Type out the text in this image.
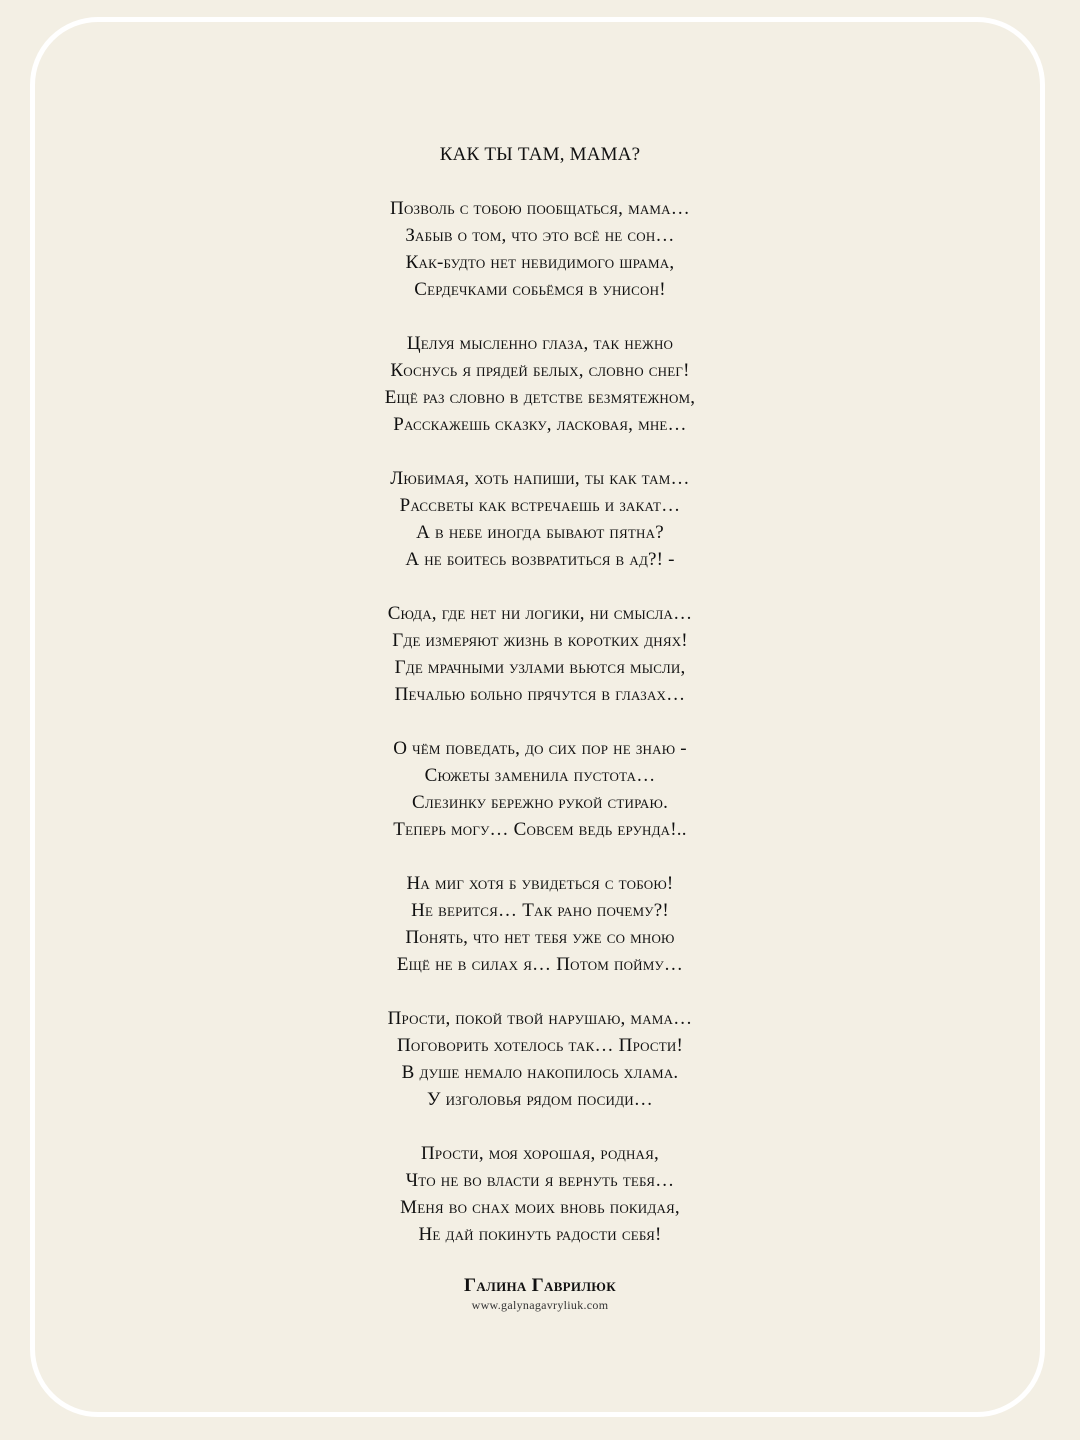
КАК ТЫ ТАМ, МАМА?
Позволь с тобою пообщаться, мама…
Забыв о том, что это всё не сон…
Как-будто нет невидимого шрама,
Сердечками собьёмся в унисон!
Целуя мысленно глаза, так нежно
Коснусь я прядей белых, словно снег!
Ещё раз словно в детстве безмятежном,
Расскажешь сказку, ласковая, мне…
Любимая, хоть напиши, ты как там…
Рассветы как встречаешь и закат…
А в небе иногда бывают пятна?
А не боитесь возвратиться в ад?! -
Сюда, где нет ни логики, ни смысла…
Где измеряют жизнь в коротких днях!
Где мрачными узлами вьются мысли,
Печалью больно прячутся в глазах…
О чём поведать, до сих пор не знаю -
Сюжеты заменила пустота…
Слезинку бережно рукой стираю.
Теперь могу… Совсем ведь ерунда!..
На миг хотя б увидеться с тобою!
Не верится… Так рано почему?!
Понять, что нет тебя уже со мною
Ещё не в силах я… Потом пойму…
Прости, покой твой нарушаю, мама…
Поговорить хотелось так… Прости!
В душе немало накопилось хлама.
У изголовья рядом посиди…
Прости, моя хорошая, родная,
Что не во власти я вернуть тебя…
Меня во снах моих вновь покидая,
Не дай покинуть радости себя!
Галина Гаврилюк
www.galynagavryliuk.com
